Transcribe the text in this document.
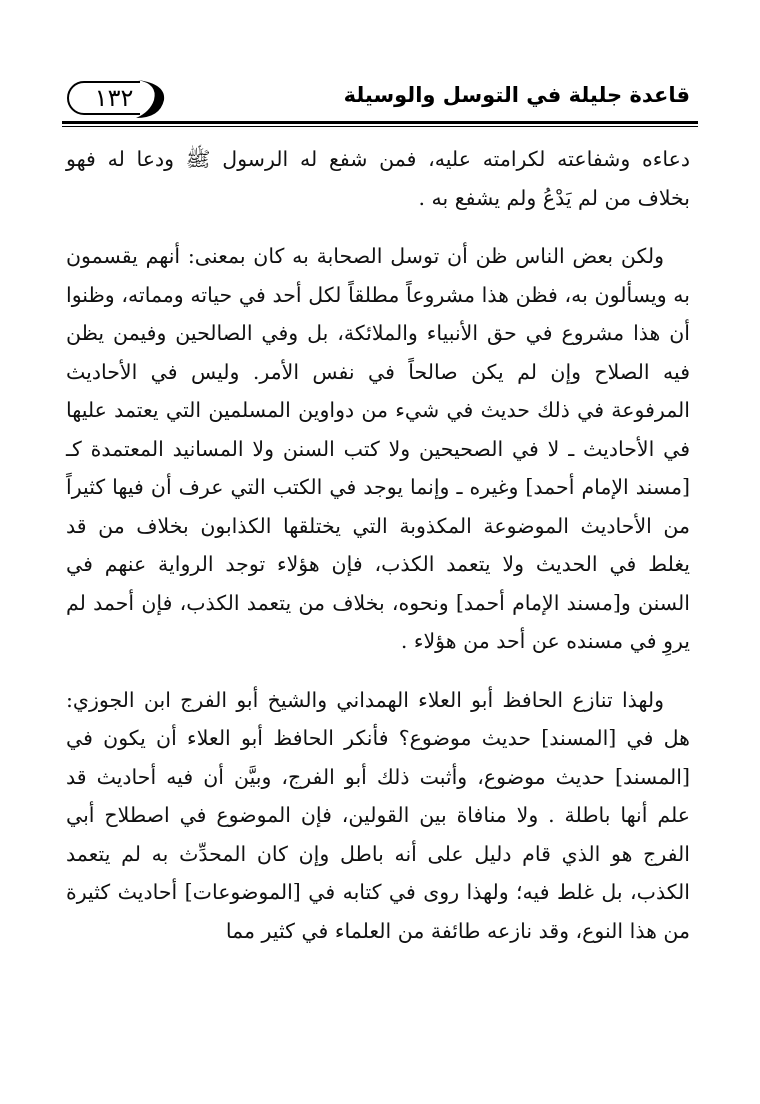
قاعدة جليلة في التوسل والوسيلة
١٣٢

دعاءه وشفاعته لكرامته عليه، فمن شفع له الرسول ﷺ ودعا له فهو بخلاف من لم يَدْعُ ولم يشفع به .

ولكن بعض الناس ظن أن توسل الصحابة به كان بمعنى: أنهم يقسمون به ويسألون به، فظن هذا مشروعاً مطلقاً لكل أحد في حياته ومماته، وظنوا أن هذا مشروع في حق الأنبياء والملائكة، بل وفي الصالحين وفيمن يظن فيه الصلاح وإن لم يكن صالحاً في نفس الأمر. وليس في الأحاديث المرفوعة في ذلك حديث في شيء من دواوين المسلمين التي يعتمد عليها في الأحاديث ـ لا في الصحيحين ولا كتب السنن ولا المسانيد المعتمدة كـ [مسند الإمام أحمد] وغيره ـ وإنما يوجد في الكتب التي عرف أن فيها كثيراً من الأحاديث الموضوعة المكذوبة التي يختلقها الكذابون بخلاف من قد يغلط في الحديث ولا يتعمد الكذب، فإن هؤلاء توجد الرواية عنهم في السنن و[مسند الإمام أحمد] ونحوه، بخلاف من يتعمد الكذب، فإن أحمد لم يروِ في مسنده عن أحد من هؤلاء .

ولهذا تنازع الحافظ أبو العلاء الهمداني والشيخ أبو الفرج ابن الجوزي: هل في [المسند] حديث موضوع؟ فأنكر الحافظ أبو العلاء أن يكون في [المسند] حديث موضوع، وأثبت ذلك أبو الفرج، وبيَّن أن فيه أحاديث قد علم أنها باطلة . ولا منافاة بين القولين، فإن الموضوع في اصطلاح أبي الفرج هو الذي قام دليل على أنه باطل وإن كان المحدِّث به لم يتعمد الكذب، بل غلط فيه؛ ولهذا روى في كتابه في [الموضوعات] أحاديث كثيرة من هذا النوع، وقد نازعه طائفة من العلماء في كثير مما
